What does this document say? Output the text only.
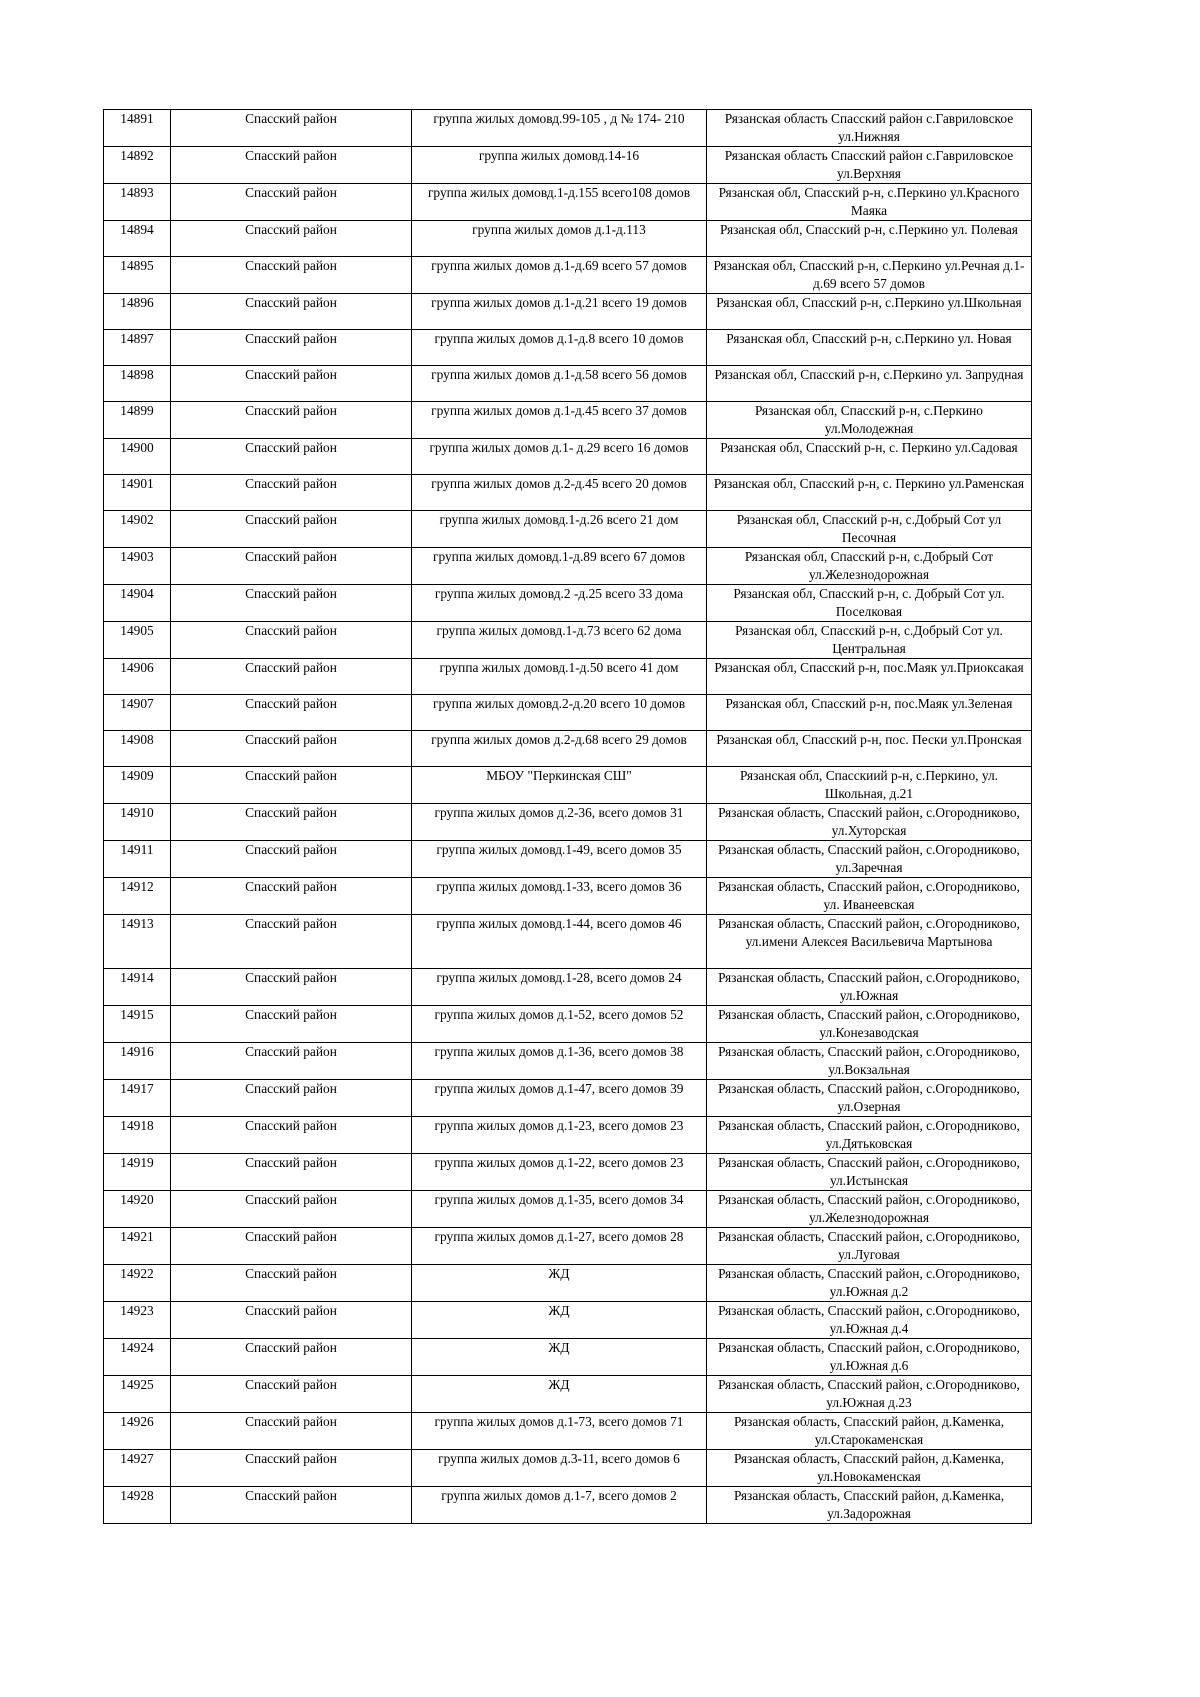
14891	Спасский район	группа жилых домовд.99-105 , д № 174- 210	Рязанская область Спасский район с.Гавриловское ул.Нижняя

14892	Спасский район	группа жилых домовд.14-16	Рязанская область Спасский район с.Гавриловское ул.Верхняя

14893	Спасский район	группа жилых домовд.1-д.155 всего108 домов	Рязанская обл, Спасский р-н, с.Перкино ул.Красного Маяка

14894	Спасский район	группа жилых домов д.1-д.113	Рязанская обл, Спасский р-н, с.Перкино ул. Полевая

14895	Спасский район	группа жилых домов д.1-д.69 всего 57 домов	Рязанская обл, Спасский р-н, с.Перкино ул.Речная д.1-д.69 всего 57 домов

14896	Спасский район	группа жилых домов д.1-д.21 всего 19 домов	Рязанская обл, Спасский р-н, с.Перкино ул.Школьная

14897	Спасский район	группа жилых домов д.1-д.8 всего 10 домов	Рязанская обл, Спасский р-н, с.Перкино ул. Новая

14898	Спасский район	группа жилых домов д.1-д.58 всего 56 домов	Рязанская обл, Спасский р-н, с.Перкино ул. Запрудная

14899	Спасский район	группа жилых домов д.1-д.45 всего 37 домов	Рязанская обл, Спасский р-н, с.Перкино ул.Молодежная

14900	Спасский район	группа жилых домов д.1- д.29 всего 16 домов	Рязанская обл, Спасский р-н, с. Перкино ул.Садовая

14901	Спасский район	группа жилых домов д.2-д.45 всего 20 домов	Рязанская обл, Спасский р-н, с. Перкино ул.Раменская

14902	Спасский район	группа жилых домовд.1-д.26 всего 21 дом	Рязанская обл, Спасский р-н, с.Добрый Сот ул Песочная

14903	Спасский район	группа жилых домовд.1-д.89 всего 67 домов	Рязанская обл, Спасский р-н, с.Добрый Сот ул.Железнодорожная

14904	Спасский район	группа жилых домовд.2 -д.25 всего 33 дома	Рязанская обл, Спасский р-н, с. Добрый Сот ул. Поселковая

14905	Спасский район	группа жилых домовд.1-д.73 всего 62 дома	Рязанская обл, Спасский р-н, с.Добрый Сот ул. Центральная

14906	Спасский район	группа жилых домовд.1-д.50 всего 41 дом	Рязанская обл, Спасский р-н, пос.Маяк ул.Приоксакая

14907	Спасский район	группа жилых домовд.2-д.20 всего 10 домов	Рязанская обл, Спасский р-н, пос.Маяк ул.Зеленая

14908	Спасский район	группа жилых домов д.2-д.68 всего 29 домов	Рязанская обл, Спасский р-н, пос. Пески ул.Пронская

14909	Спасский район	МБОУ "Перкинская СШ"	Рязанская обл, Спасскиий р-н, с.Перкино, ул. Школьная, д.21

14910	Спасский район	группа жилых домов д.2-36, всего домов 31	Рязанская область, Спасский район, с.Огородниково, ул.Хуторская

14911	Спасский район	группа жилых домовд.1-49, всего домов 35	Рязанская область, Спасский район, с.Огородниково, ул.Заречная

14912	Спасский район	группа жилых домовд.1-33, всего домов 36	Рязанская область, Спасский район, с.Огородниково, ул. Иванеевская

14913	Спасский район	группа жилых домовд.1-44, всего домов 46	Рязанская область, Спасский район, с.Огородниково, ул.имени Алексея Васильевича Мартынова

14914	Спасский район	группа жилых домовд.1-28, всего домов 24	Рязанская область, Спасский район, с.Огородниково, ул.Южная

14915	Спасский район	группа жилых домов д.1-52, всего домов 52	Рязанская область, Спасский район, с.Огородниково, ул.Конезаводская

14916	Спасский район	группа жилых домов д.1-36, всего домов 38	Рязанская область, Спасский район, с.Огородниково, ул.Вокзальная

14917	Спасский район	группа жилых домов д.1-47, всего домов 39	Рязанская область, Спасский район, с.Огородниково, ул.Озерная

14918	Спасский район	группа жилых домов д.1-23, всего домов 23	Рязанская область, Спасский район, с.Огородниково, ул.Дятьковская

14919	Спасский район	группа жилых домов д.1-22, всего домов 23	Рязанская область, Спасский район, с.Огородниково, ул.Истынская

14920	Спасский район	группа жилых домов д.1-35, всего домов 34	Рязанская область, Спасский район, с.Огородниково, ул.Железнодорожная

14921	Спасский район	группа жилых домов д.1-27, всего домов 28	Рязанская область, Спасский район, с.Огородниково, ул.Луговая

14922	Спасский район	ЖД	Рязанская область, Спасский район, с.Огородниково, ул.Южная д.2

14923	Спасский район	ЖД	Рязанская область, Спасский район, с.Огородниково, ул.Южная д.4

14924	Спасский район	ЖД	Рязанская область, Спасский район, с.Огородниково, ул.Южная д.6

14925	Спасский район	ЖД	Рязанская область, Спасский район, с.Огородниково, ул.Южная д.23

14926	Спасский район	группа жилых домов д.1-73, всего домов 71	Рязанская область, Спасский район, д.Каменка, ул.Старокаменская

14927	Спасский район	группа жилых домов д.3-11, всего домов 6	Рязанская область, Спасский район, д.Каменка, ул.Новокаменская

14928	Спасский район	группа жилых домов д.1-7, всего домов 2	Рязанская область, Спасский район, д.Каменка, ул.Задорожная
